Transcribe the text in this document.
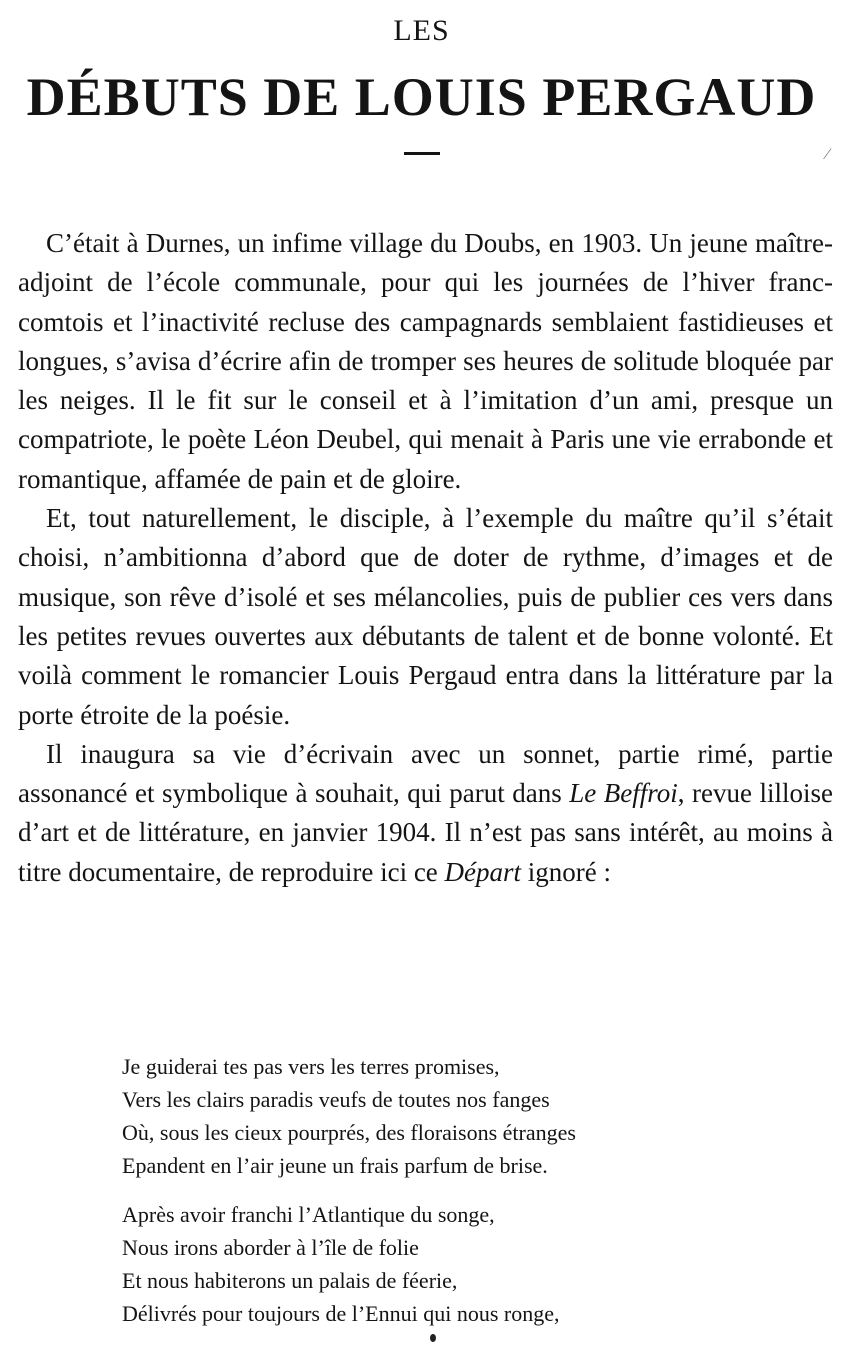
LES
DÉBUTS DE LOUIS PERGAUD
⁄

C’était à Durnes, un infime village du Doubs, en 1903. Un jeune maître-adjoint de l’école communale, pour qui les journées de l’hiver franc-comtois et l’inactivité recluse des campagnards semblaient fastidieuses et longues, s’avisa d’écrire afin de tromper ses heures de solitude bloquée par les neiges. Il le fit sur le conseil et à l’imitation d’un ami, presque un compatriote, le poète Léon Deubel, qui menait à Paris une vie errabonde et romantique, affamée de pain et de gloire.

Et, tout naturellement, le disciple, à l’exemple du maître qu’il s’était choisi, n’ambitionna d’abord que de doter de rythme, d’images et de musique, son rêve d’isolé et ses mélancolies, puis de publier ces vers dans les petites revues ouvertes aux débutants de talent et de bonne volonté. Et voilà comment le romancier Louis Pergaud entra dans la littérature par la porte étroite de la poésie.

Il inaugura sa vie d’écrivain avec un sonnet, partie rimé, partie assonancé et symbolique à souhait, qui parut dans Le Beffroi, revue lilloise d’art et de littérature, en janvier 1904. Il n’est pas sans intérêt, au moins à titre documentaire, de reproduire ici ce Départ ignoré :

Je guiderai tes pas vers les terres promises,
Vers les clairs paradis veufs de toutes nos fanges
Où, sous les cieux pourprés, des floraisons étranges
Epandent en l’air jeune un frais parfum de brise.
Après avoir franchi l’Atlantique du songe,
Nous irons aborder à l’île de folie
Et nous habiterons un palais de féerie,
Délivrés pour toujours de l’Ennui qui nous ronge,
